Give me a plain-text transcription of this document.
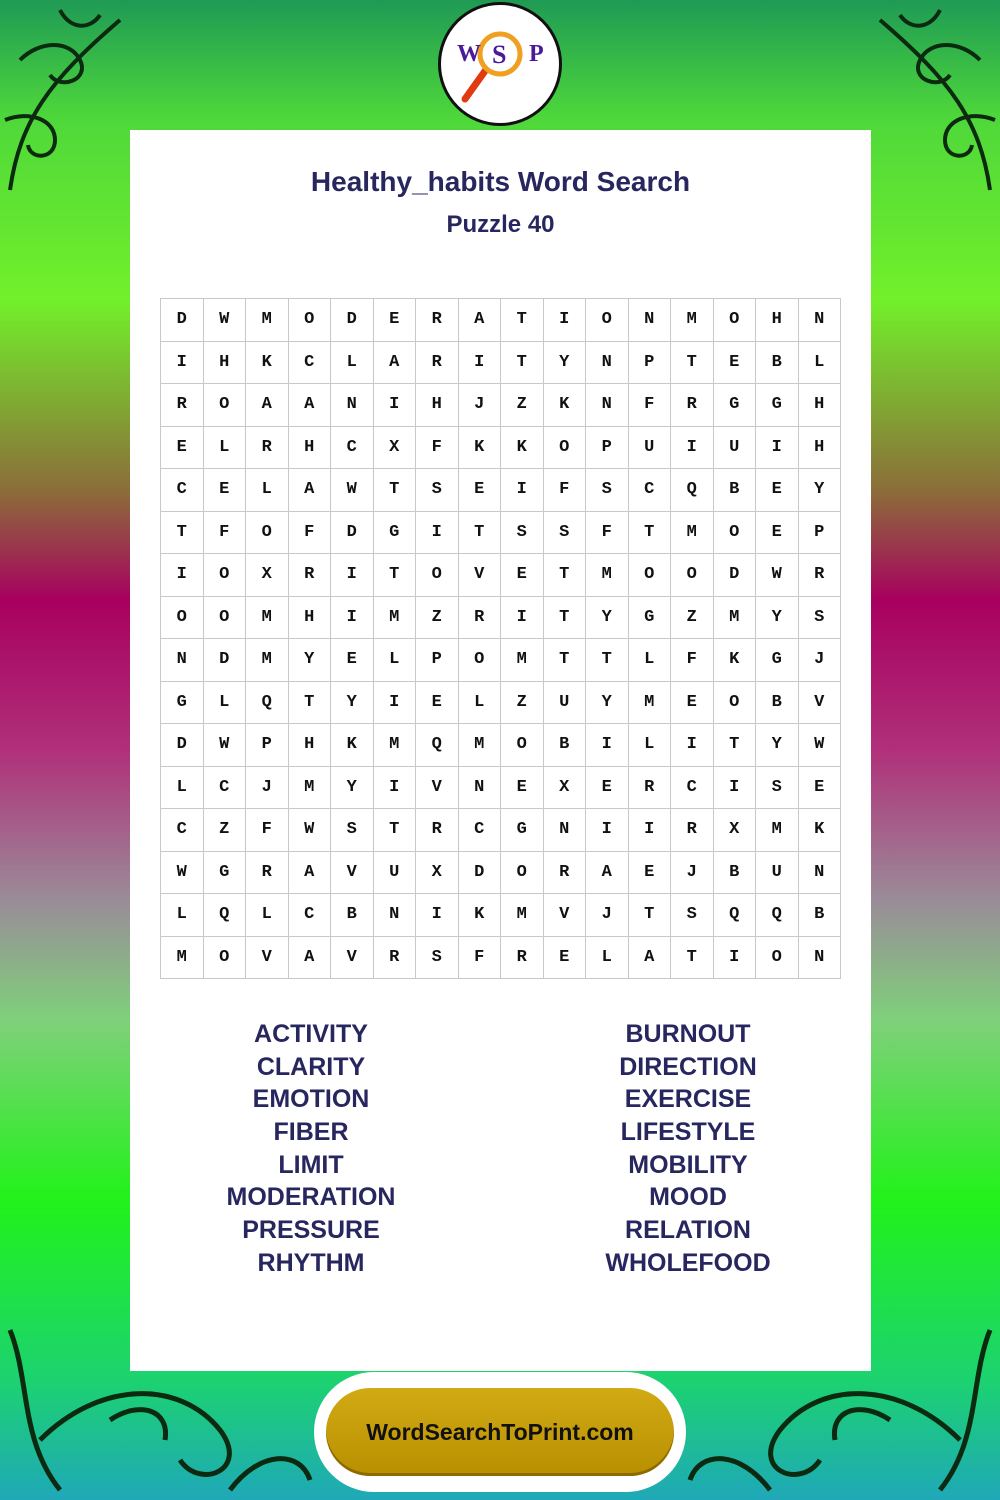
W S P
Healthy_habits Word Search
Puzzle 40
D	W	M	O	D	E	R	A	T	I	O	N	M	O	H	N
I	H	K	C	L	A	R	I	T	Y	N	P	T	E	B	L
R	O	A	A	N	I	H	J	Z	K	N	F	R	G	G	H
E	L	R	H	C	X	F	K	K	O	P	U	I	U	I	H
C	E	L	A	W	T	S	E	I	F	S	C	Q	B	E	Y
T	F	O	F	D	G	I	T	S	S	F	T	M	O	E	P
I	O	X	R	I	T	O	V	E	T	M	O	O	D	W	R
O	O	M	H	I	M	Z	R	I	T	Y	G	Z	M	Y	S
N	D	M	Y	E	L	P	O	M	T	T	L	F	K	G	J
G	L	Q	T	Y	I	E	L	Z	U	Y	M	E	O	B	V
D	W	P	H	K	M	Q	M	O	B	I	L	I	T	Y	W
L	C	J	M	Y	I	V	N	E	X	E	R	C	I	S	E
C	Z	F	W	S	T	R	C	G	N	I	I	R	X	M	K
W	G	R	A	V	U	X	D	O	R	A	E	J	B	U	N
L	Q	L	C	B	N	I	K	M	V	J	T	S	Q	Q	B
M	O	V	A	V	R	S	F	R	E	L	A	T	I	O	N
ACTIVITY
CLARITY
EMOTION
FIBER
LIMIT
MODERATION
PRESSURE
RHYTHM
BURNOUT
DIRECTION
EXERCISE
LIFESTYLE
MOBILITY
MOOD
RELATION
WHOLEFOOD
WordSearchToPrint.com
